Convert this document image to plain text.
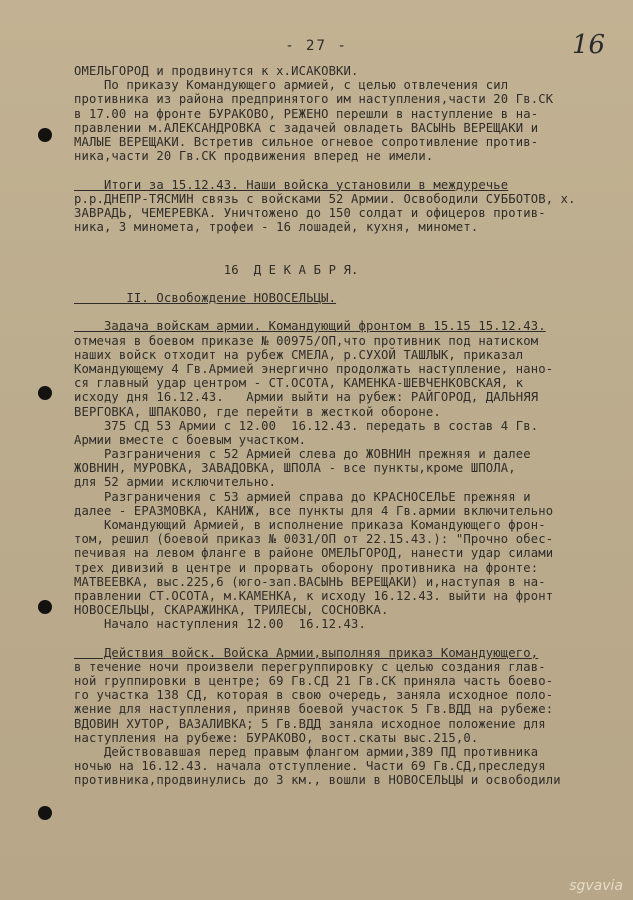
- 27 -	16
ОМЕЛЬГОРОД и продвинутся к х.ИСАКОВКИ.
По приказу Командующего армией, с целью отвлечения сил
противника из района предпринятого им наступления,части 20 Гв.СК
в 17.00 на фронте БУРАКОВО, РЕЖЕНО перешли в наступление в на-
правлении м.АЛЕКСАНДРОВКА с задачей овладеть ВАСЫНЬ ВЕРЕЩАКИ и
МАЛЫЕ ВЕРЕЩАКИ. Встретив сильное огневое сопротивление против-
ника,части 20 Гв.СК продвижения вперед не имели.
Итоги за 15.12.43. Наши войска установили в междуречье
р.р.ДНЕПР-ТЯСМИН связь с войсками 52 Армии. Освободили СУББОТОВ, х.
ЗАВРАДЬ, ЧЕМЕРЕВКА. Уничтожено до 150 солдат и офицеров против-
ника, 3 миномета, трофеи - 16 лошадей, кухня, миномет.
16  Д Е К А Б Р Я.
II. Освобождение НОВОСЕЛЬЦЫ.
Задача войскам армии. Командующий фронтом в 15.15 15.12.43.
отмечая в боевом приказе № 00975/ОП,что противник под натиском
наших войск отходит на рубеж СМЕЛА, р.СУХОЙ ТАШЛЫК, приказал
Командующему 4 Гв.Армией энергично продолжать наступление, нано-
ся главный удар центром - СТ.ОСОТА, КАМЕНКА-ШЕВЧЕНКОВСКАЯ, к
исходу дня 16.12.43.   Армии выйти на рубеж: РАЙГОРОД, ДАЛЬНЯЯ
ВЕРГОВКА, ШПАКОВО, где перейти в жесткой обороне.
375 СД 53 Армии с 12.00  16.12.43. передать в состав 4 Гв.
Армии вместе с боевым участком.
Разграничения с 52 Армией слева до ЖОВНИН прежняя и далее
ЖОВНИН, МУРОВКА, ЗАВАДОВКА, ШПОЛА - все пункты,кроме ШПОЛА,
для 52 армии исключительно.
Разграничения с 53 армией справа до КРАСНОСЕЛЬЕ прежняя и
далее - ЕРАЗМОВКА, КАНИЖ, все пункты для 4 Гв.армии включительно
Командующий Армией, в исполнение приказа Командующего фрон-
том, решил (боевой приказ № 0031/ОП от 22.15.43.): "Прочно обес-
печивая на левом фланге в районе ОМЕЛЬГОРОД, нанести удар силами
трех дивизий в центре и прорвать оборону противника на фронте:
МАТВЕЕВКА, выс.225,6 (юго-зап.ВАСЫНЬ ВЕРЕЩАКИ) и,наступая в на-
правлении СТ.ОСОТА, м.КАМЕНКА, к исходу 16.12.43. выйти на фронт
НОВОСЕЛЬЦЫ, СКАРАЖИНКА, ТРИЛЕСЫ, СОСНОВКА.
Начало наступления 12.00  16.12.43.
Действия войск. Войска Армии,выполняя приказ Командующего,
в течение ночи произвели перегруппировку с целью создания глав-
ной группировки в центре; 69 Гв.СД 21 Гв.СК приняла часть боево-
го участка 138 СД, которая в свою очередь, заняла исходное поло-
жение для наступления, приняв боевой участок 5 Гв.ВДД на рубеже:
ВДОВИН ХУТОР, ВАЗАЛИВКА; 5 Гв.ВДД заняла исходное положение для
наступления на рубеже: БУРАКОВО, вост.скаты выс.215,0.
Действовавшая перед правым флангом армии,389 ПД противника
ночью на 16.12.43. начала отступление. Части 69 Гв.СД,преследуя
противника,продвинулись до 3 км., вошли в НОВОСЕЛЬЦЫ и освободили
sgvavia
